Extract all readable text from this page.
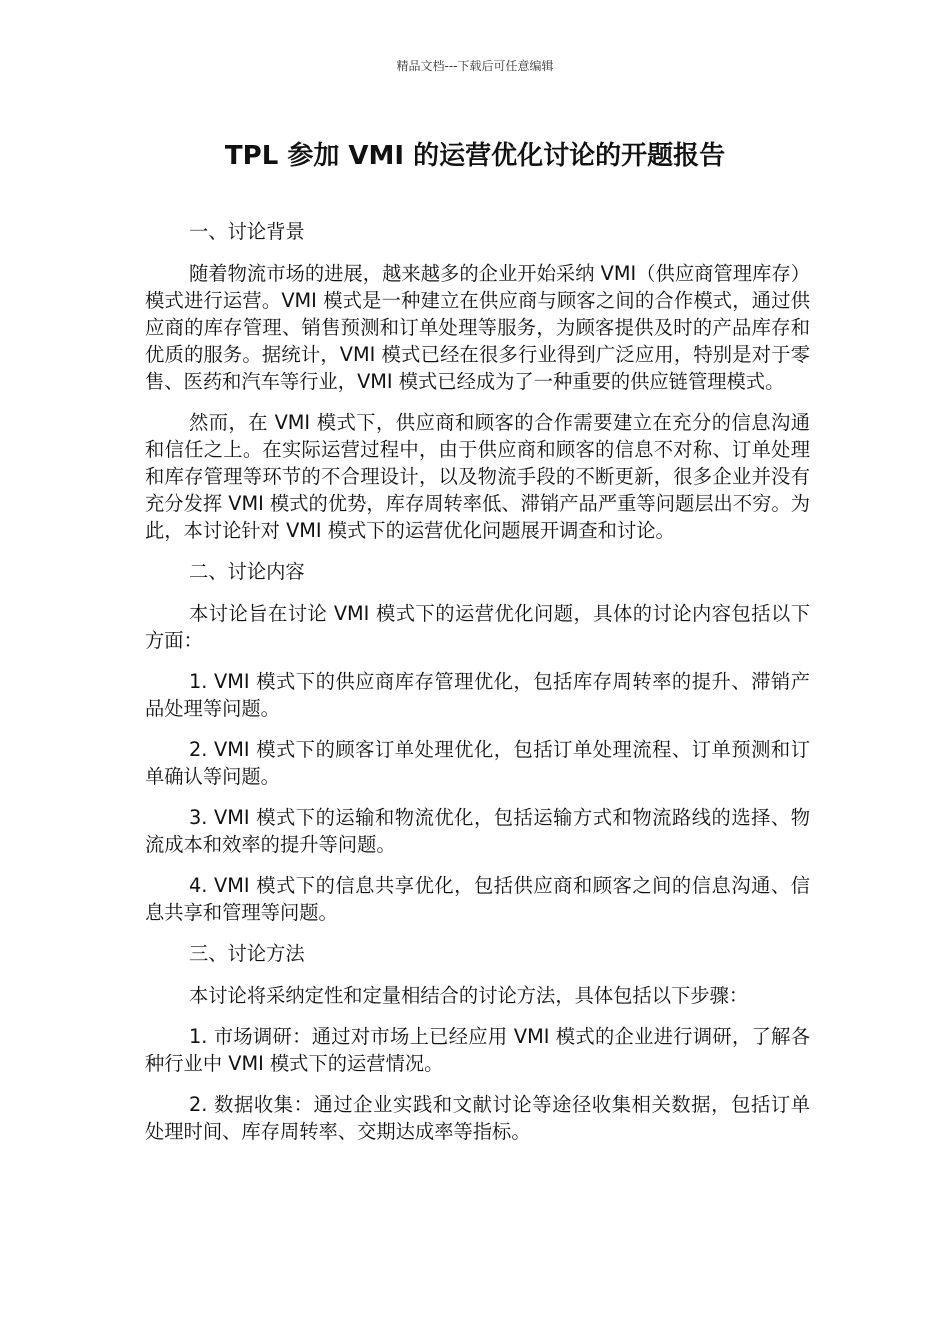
精品文档---下载后可任意编辑
TPL 参加 VMI 的运营优化讨论的开题报告

一、讨论背景

随着物流市场的进展，越来越多的企业开始采纳 VMI（供应商管理库存）模式进行运营。VMI 模式是一种建立在供应商与顾客之间的合作模式，通过供应商的库存管理、销售预测和订单处理等服务，为顾客提供及时的产品库存和优质的服务。据统计，VMI 模式已经在很多行业得到广泛应用，特别是对于零售、医药和汽车等行业，VMI 模式已经成为了一种重要的供应链管理模式。

然而，在 VMI 模式下，供应商和顾客的合作需要建立在充分的信息沟通和信任之上。在实际运营过程中，由于供应商和顾客的信息不对称、订单处理和库存管理等环节的不合理设计，以及物流手段的不断更新，很多企业并没有充分发挥 VMI 模式的优势，库存周转率低、滞销产品严重等问题层出不穷。为此，本讨论针对 VMI 模式下的运营优化问题展开调查和讨论。

二、讨论内容

本讨论旨在讨论 VMI 模式下的运营优化问题，具体的讨论内容包括以下方面：

1. VMI 模式下的供应商库存管理优化，包括库存周转率的提升、滞销产品处理等问题。

2. VMI 模式下的顾客订单处理优化，包括订单处理流程、订单预测和订单确认等问题。

3. VMI 模式下的运输和物流优化，包括运输方式和物流路线的选择、物流成本和效率的提升等问题。

4. VMI 模式下的信息共享优化，包括供应商和顾客之间的信息沟通、信息共享和管理等问题。

三、讨论方法

本讨论将采纳定性和定量相结合的讨论方法，具体包括以下步骤：

1. 市场调研：通过对市场上已经应用 VMI 模式的企业进行调研，了解各种行业中 VMI 模式下的运营情况。

2. 数据收集：通过企业实践和文献讨论等途径收集相关数据，包括订单处理时间、库存周转率、交期达成率等指标。
